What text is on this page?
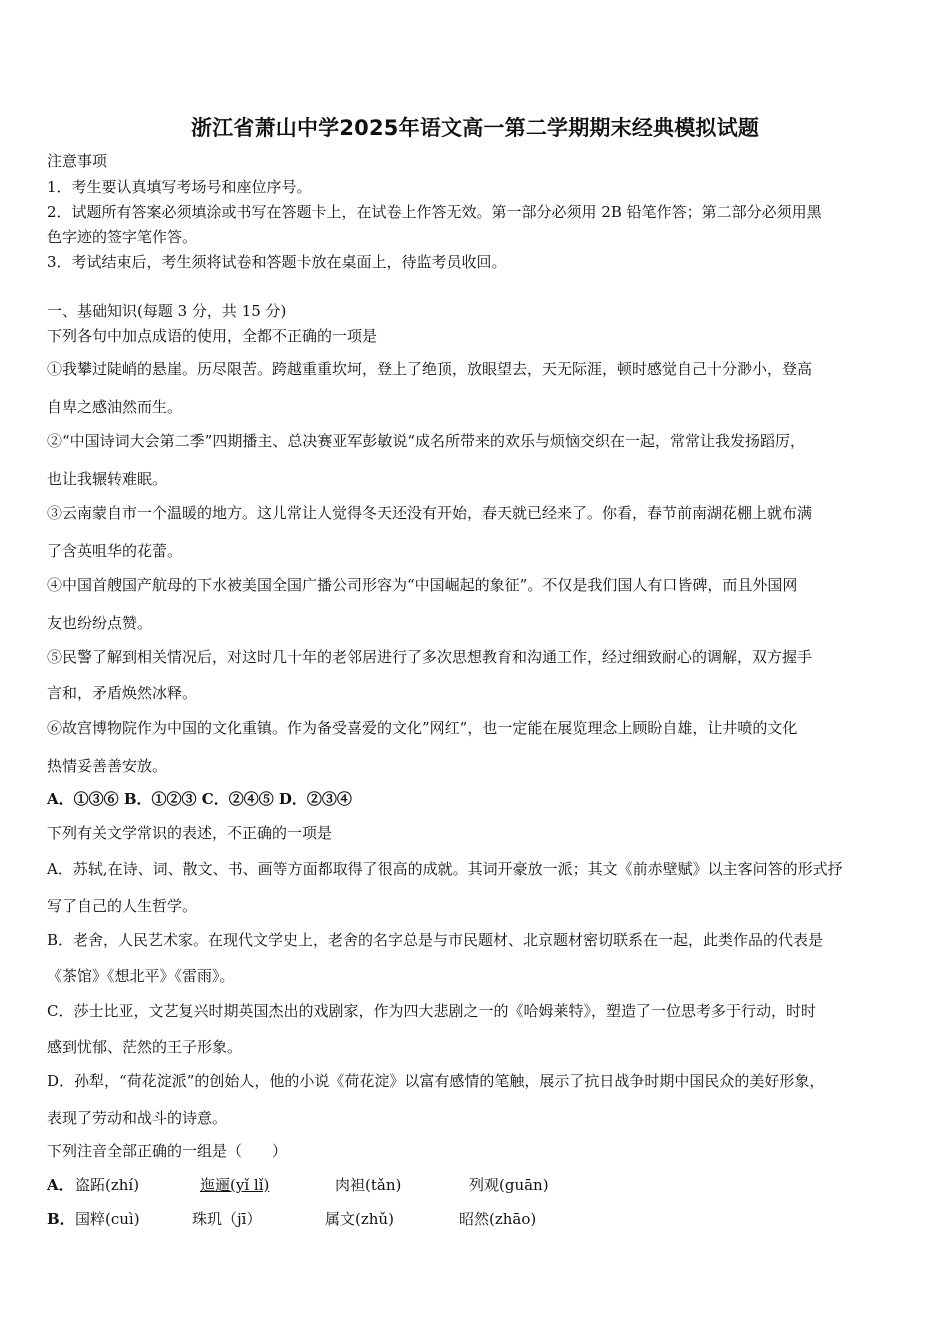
浙江省萧山中学2025年语文高一第二学期期末经典模拟试题
注意事项
1．考生要认真填写考场号和座位序号。
2．试题所有答案必须填涂或书写在答题卡上，在试卷上作答无效。第一部分必须用 2B 铅笔作答；第二部分必须用黑
色字迹的签字笔作答。
3．考试结束后，考生须将试卷和答题卡放在桌面上，待监考员收回。
一、基础知识(每题 3 分，共 15 分)
下列各句中加点成语的使用，全都不正确的一项是
①我攀过陡峭的悬崖。历尽限苦。跨越重重坎坷，登上了绝顶，放眼望去，天无际涯，顿时感觉自己十分渺小，登高
自卑之感油然而生。
②“中国诗词大会第二季”四期播主、总决赛亚军彭敏说“成名所带来的欢乐与烦恼交织在一起，常常让我发扬蹈厉，
也让我辗转难眠。
③云南蒙自市一个温暖的地方。这儿常让人觉得冬天还没有开始，春天就已经来了。你看，春节前南湖花棚上就布满
了含英咀华的花蕾。
④中国首艘国产航母的下水被美国全国广播公司形容为“中国崛起的象征”。不仅是我们国人有口皆碑，而且外国网
友也纷纷点赞。
⑤民警了解到相关情况后，对这时几十年的老邻居进行了多次思想教育和沟通工作，经过细致耐心的调解，双方握手
言和，矛盾焕然冰释。
⑥故宫博物院作为中国的文化重镇。作为备受喜爱的文化”网红”，也一定能在展览理念上顾盼自雄，让井喷的文化
热情妥善善安放。
A．①③⑥ B．①②③ C．②④⑤ D．②③④
下列有关文学常识的表述，不正确的一项是
A．苏轼,在诗、词、散文、书、画等方面都取得了很高的成就。其词开豪放一派；其文《前赤壁赋》以主客问答的形式抒
写了自己的人生哲学。
B．老舍，人民艺术家。在现代文学史上，老舍的名字总是与市民题材、北京题材密切联系在一起，此类作品的代表是
《茶馆》《想北平》《雷雨》。
C．莎士比亚，文艺复兴时期英国杰出的戏剧家，作为四大悲剧之一的《哈姆莱特》，塑造了一位思考多于行动，时时
感到忧郁、茫然的王子形象。
D．孙犁，“荷花淀派”的创始人，他的小说《荷花淀》以富有感情的笔触，展示了抗日战争时期中国民众的美好形象，
表现了劳动和战斗的诗意。
下列注音全部正确的一组是（　　）
A． 盗跖(zhí)	迤逦(yǐ lǐ)	肉袒(tǎn)	列观(guān)
B． 国粹(cuì)	珠玑（jī）	属文(zhǔ)	昭然(zhāo)
